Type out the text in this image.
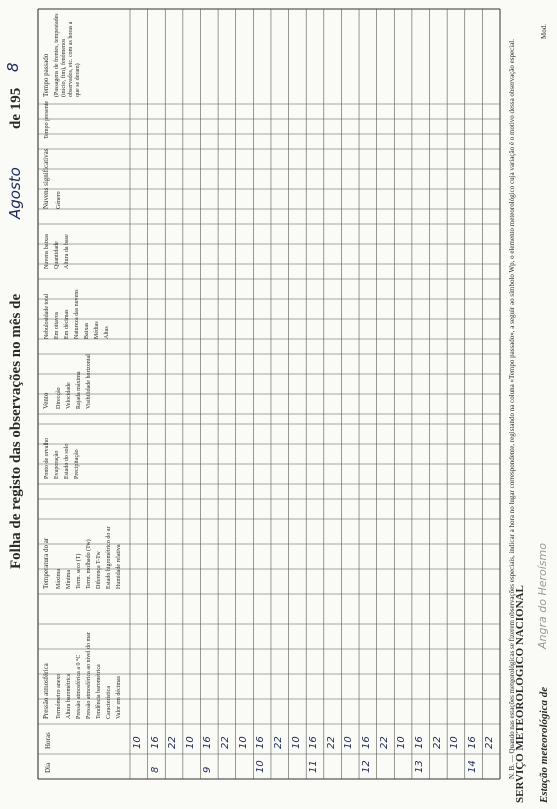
SERVIÇO METEOROLÓGICO NACIONAL Estação meteorológica de
Angra do Heroísmo
Folha de registo das observações no mês de
Agosto
de 195
8
Dia
Horas
Pressão atmosférica Termómetro anexo Altura barométrica Pressão atmosférica a 0 °C Pressão atmosférica ao nível do mar Tendência barométrica Característica Valor em décimas
Temperatura do ar Máxima Mínima Term. seco (T) Term. molhado (Tw) Diferença T-Tw Estado higrométrico do ar Humidade relativa
Ponto de orvalho Evaporação Estado do solo Precipitação
Vento Direcção Velocidade Rajada máxima Visibilidade horizontal
Nebulosidade total Em oitavos Em décimas Natureza das nuvens Baixas Médias Altas
Nuvens baixas Quantidade Altura da base
Nuvens significativas Género
Tempo presente
Tempo passado (Passagens de frentes, tempestades (início, fim), fenómenos observados, etc. com as horas a que se deram)
10 16
8
22 10 16
9
22 10 16
10
22 10 16
11
22 10 16
12
22 10 16
13
22 10 16
14
22 N. B. — Quando nas estações meteorológicas se fizerem observações especiais, indicar a hora no lugar correspondente, registando na coluna «Tempo passado», a seguir ao símbolo Wp, o elemento meteorológico cuja variação é o motivo dessa observação especial.
Mod.
